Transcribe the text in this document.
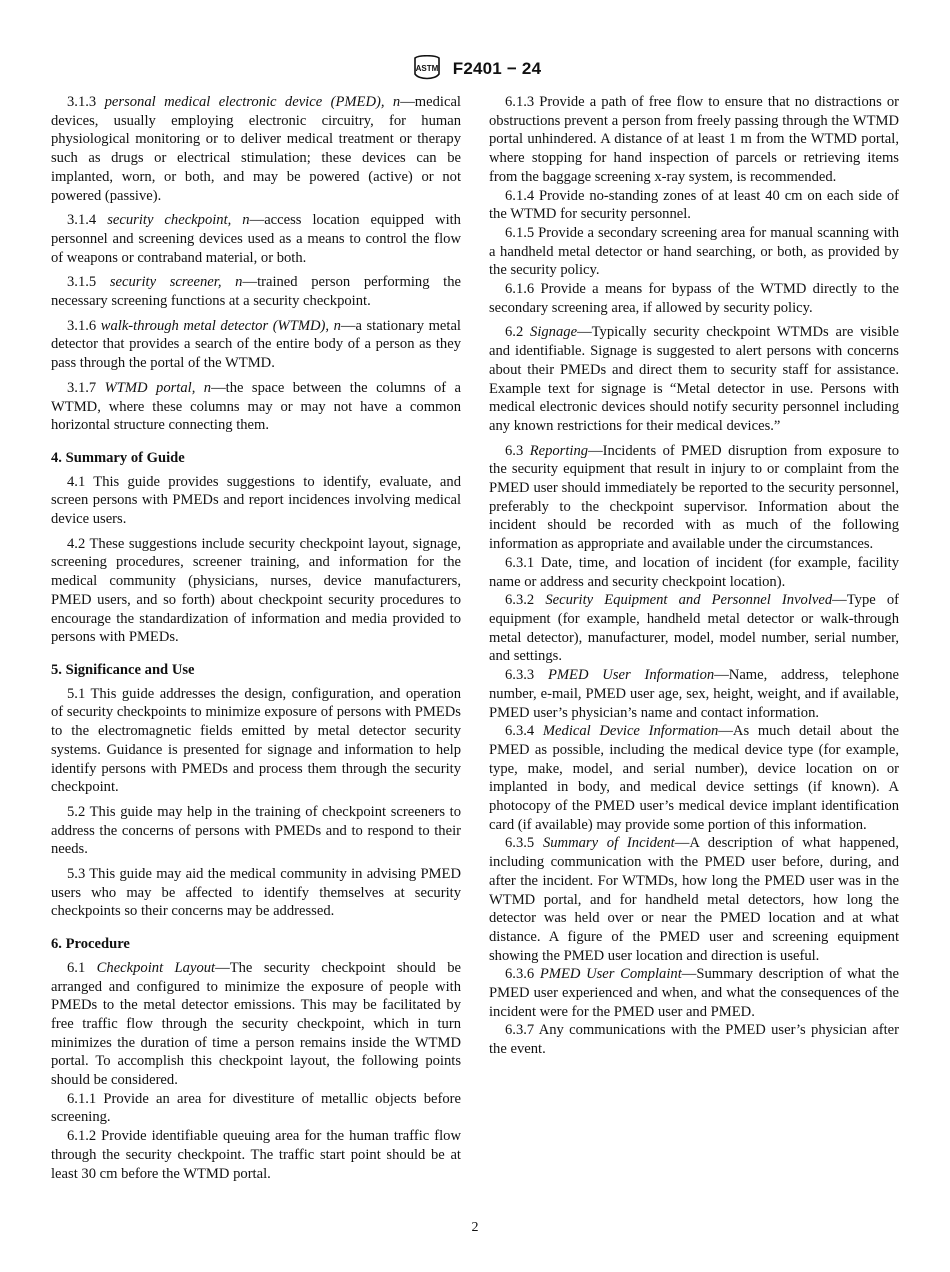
ASTM F2401 − 24

3.1.3 personal medical electronic device (PMED), n—medical devices, usually employing electronic circuitry, for human physiological monitoring or to deliver medical treatment or therapy such as drugs or electrical stimulation; these devices can be implanted, worn, or both, and may be powered (active) or not powered (passive).

3.1.4 security checkpoint, n—access location equipped with personnel and screening devices used as a means to control the flow of weapons or contraband material, or both.

3.1.5 security screener, n—trained person performing the necessary screening functions at a security checkpoint.

3.1.6 walk-through metal detector (WTMD), n—a stationary metal detector that provides a search of the entire body of a person as they pass through the portal of the WTMD.

3.1.7 WTMD portal, n—the space between the columns of a WTMD, where these columns may or may not have a common horizontal structure connecting them.

4. Summary of Guide

4.1 This guide provides suggestions to identify, evaluate, and screen persons with PMEDs and report incidences involving medical device users.

4.2 These suggestions include security checkpoint layout, signage, screening procedures, screener training, and information for the medical community (physicians, nurses, device manufacturers, PMED users, and so forth) about checkpoint security procedures to encourage the standardization of information and media provided to persons with PMEDs.

5. Significance and Use

5.1 This guide addresses the design, configuration, and operation of security checkpoints to minimize exposure of persons with PMEDs to the electromagnetic fields emitted by metal detector security systems. Guidance is presented for signage and information to help identify persons with PMEDs and process them through the security checkpoint.

5.2 This guide may help in the training of checkpoint screeners to address the concerns of persons with PMEDs and to respond to their needs.

5.3 This guide may aid the medical community in advising PMED users who may be affected to identify themselves at security checkpoints so their concerns may be addressed.

6. Procedure

6.1 Checkpoint Layout—The security checkpoint should be arranged and configured to minimize the exposure of people with PMEDs to the metal detector emissions. This may be facilitated by free traffic flow through the security checkpoint, which in turn minimizes the duration of time a person remains inside the WTMD portal. To accomplish this checkpoint layout, the following points should be considered.

6.1.1 Provide an area for divestiture of metallic objects before screening.

6.1.2 Provide identifiable queuing area for the human traffic flow through the security checkpoint. The traffic start point should be at least 30 cm before the WTMD portal.

6.1.3 Provide a path of free flow to ensure that no distractions or obstructions prevent a person from freely passing through the WTMD portal unhindered. A distance of at least 1 m from the WTMD portal, where stopping for hand inspection of parcels or retrieving items from the baggage screening x-ray system, is recommended.

6.1.4 Provide no-standing zones of at least 40 cm on each side of the WTMD for security personnel.

6.1.5 Provide a secondary screening area for manual scanning with a handheld metal detector or hand searching, or both, as provided by the security policy.

6.1.6 Provide a means for bypass of the WTMD directly to the secondary screening area, if allowed by security policy.

6.2 Signage—Typically security checkpoint WTMDs are visible and identifiable. Signage is suggested to alert persons with concerns about their PMEDs and direct them to security staff for assistance. Example text for signage is “Metal detector in use. Persons with medical electronic devices should notify security personnel including any known restrictions for their medical devices.”

6.3 Reporting—Incidents of PMED disruption from exposure to the security equipment that result in injury to or complaint from the PMED user should immediately be reported to the security personnel, preferably to the checkpoint supervisor. Information about the incident should be recorded with as much of the following information as appropriate and available under the circumstances.

6.3.1 Date, time, and location of incident (for example, facility name or address and security checkpoint location).

6.3.2 Security Equipment and Personnel Involved—Type of equipment (for example, handheld metal detector or walk-through metal detector), manufacturer, model, model number, serial number, and settings.

6.3.3 PMED User Information—Name, address, telephone number, e-mail, PMED user age, sex, height, weight, and if available, PMED user’s physician’s name and contact information.

6.3.4 Medical Device Information—As much detail about the PMED as possible, including the medical device type (for example, type, make, model, and serial number), device location on or implanted in body, and medical device settings (if known). A photocopy of the PMED user’s medical device implant identification card (if available) may provide some portion of this information.

6.3.5 Summary of Incident—A description of what happened, including communication with the PMED user before, during, and after the incident. For WTMDs, how long the PMED user was in the WTMD portal, and for handheld metal detectors, how long the detector was held over or near the PMED location and at what distance. A figure of the PMED user and screening equipment showing the PMED user location and direction is useful.

6.3.6 PMED User Complaint—Summary description of what the PMED user experienced and when, and what the consequences of the incident were for the PMED user and PMED.

6.3.7 Any communications with the PMED user’s physician after the event.

2
